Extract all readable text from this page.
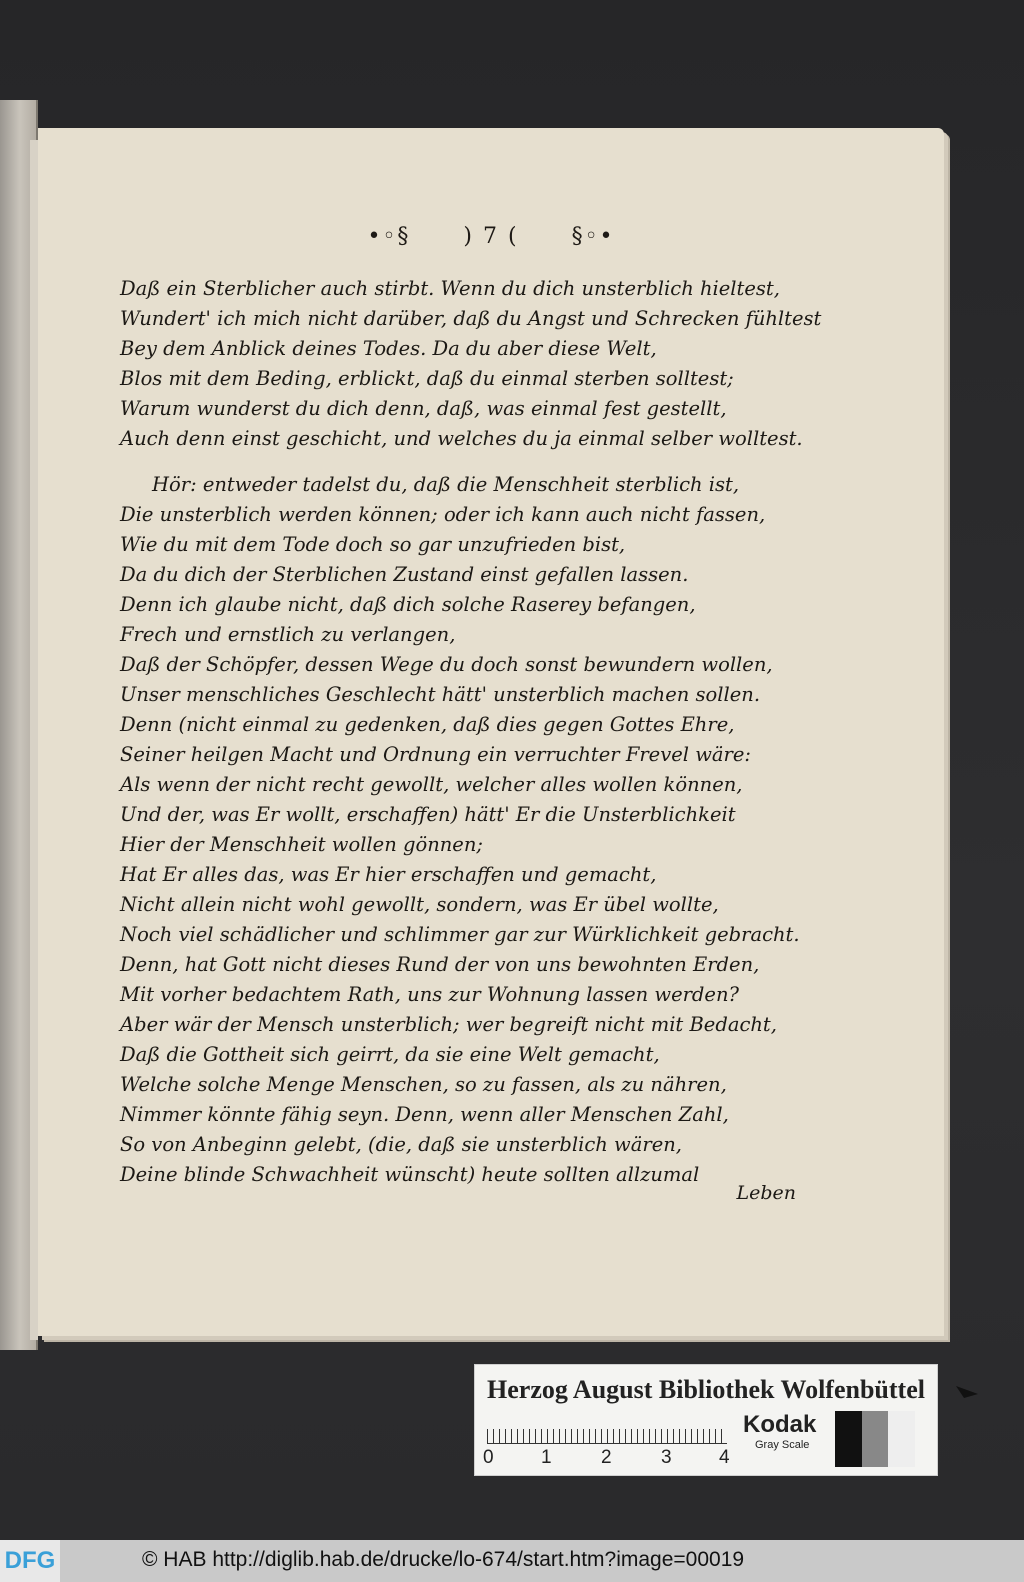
•◦§ ) 7 ( §◦•
Daß ein Sterblicher auch stirbt. Wenn du dich unsterblich hieltest,
Wundert' ich mich nicht darüber, daß du Angst und Schrecken fühltest
Bey dem Anblick deines Todes. Da du aber diese Welt,
Blos mit dem Beding, erblickt, daß du einmal sterben solltest;
Warum wunderst du dich denn, daß, was einmal fest gestellt,
Auch denn einst geschicht, und welches du ja einmal selber wolltest.
Hör: entweder tadelst du, daß die Menschheit sterblich ist,
Die unsterblich werden können; oder ich kann auch nicht fassen,
Wie du mit dem Tode doch so gar unzufrieden bist,
Da du dich der Sterblichen Zustand einst gefallen lassen.
Denn ich glaube nicht, daß dich solche Raserey befangen,
Frech und ernstlich zu verlangen,
Daß der Schöpfer, dessen Wege du doch sonst bewundern wollen,
Unser menschliches Geschlecht hätt' unsterblich machen sollen.
Denn (nicht einmal zu gedenken, daß dies gegen Gottes Ehre,
Seiner heilgen Macht und Ordnung ein verruchter Frevel wäre:
Als wenn der nicht recht gewollt, welcher alles wollen können,
Und der, was Er wollt, erschaffen) hätt' Er die Unsterblichkeit
Hier der Menschheit wollen gönnen;
Hat Er alles das, was Er hier erschaffen und gemacht,
Nicht allein nicht wohl gewollt, sondern, was Er übel wollte,
Noch viel schädlicher und schlimmer gar zur Würklichkeit gebracht.
Denn, hat Gott nicht dieses Rund der von uns bewohnten Erden,
Mit vorher bedachtem Rath, uns zur Wohnung lassen werden?
Aber wär der Mensch unsterblich; wer begreift nicht mit Bedacht,
Daß die Gottheit sich geirrt, da sie eine Welt gemacht,
Welche solche Menge Menschen, so zu fassen, als zu nähren,
Nimmer könnte fähig seyn. Denn, wenn aller Menschen Zahl,
So von Anbeginn gelebt, (die, daß sie unsterblich wären,
Deine blinde Schwachheit wünscht) heute sollten allzumal
Leben
Herzog August Bibliothek Wolfenbüttel
0 1	2	3 4
Kodak
Gray Scale
DFG	© HAB http://diglib.hab.de/drucke/lo-674/start.htm?image=00019
